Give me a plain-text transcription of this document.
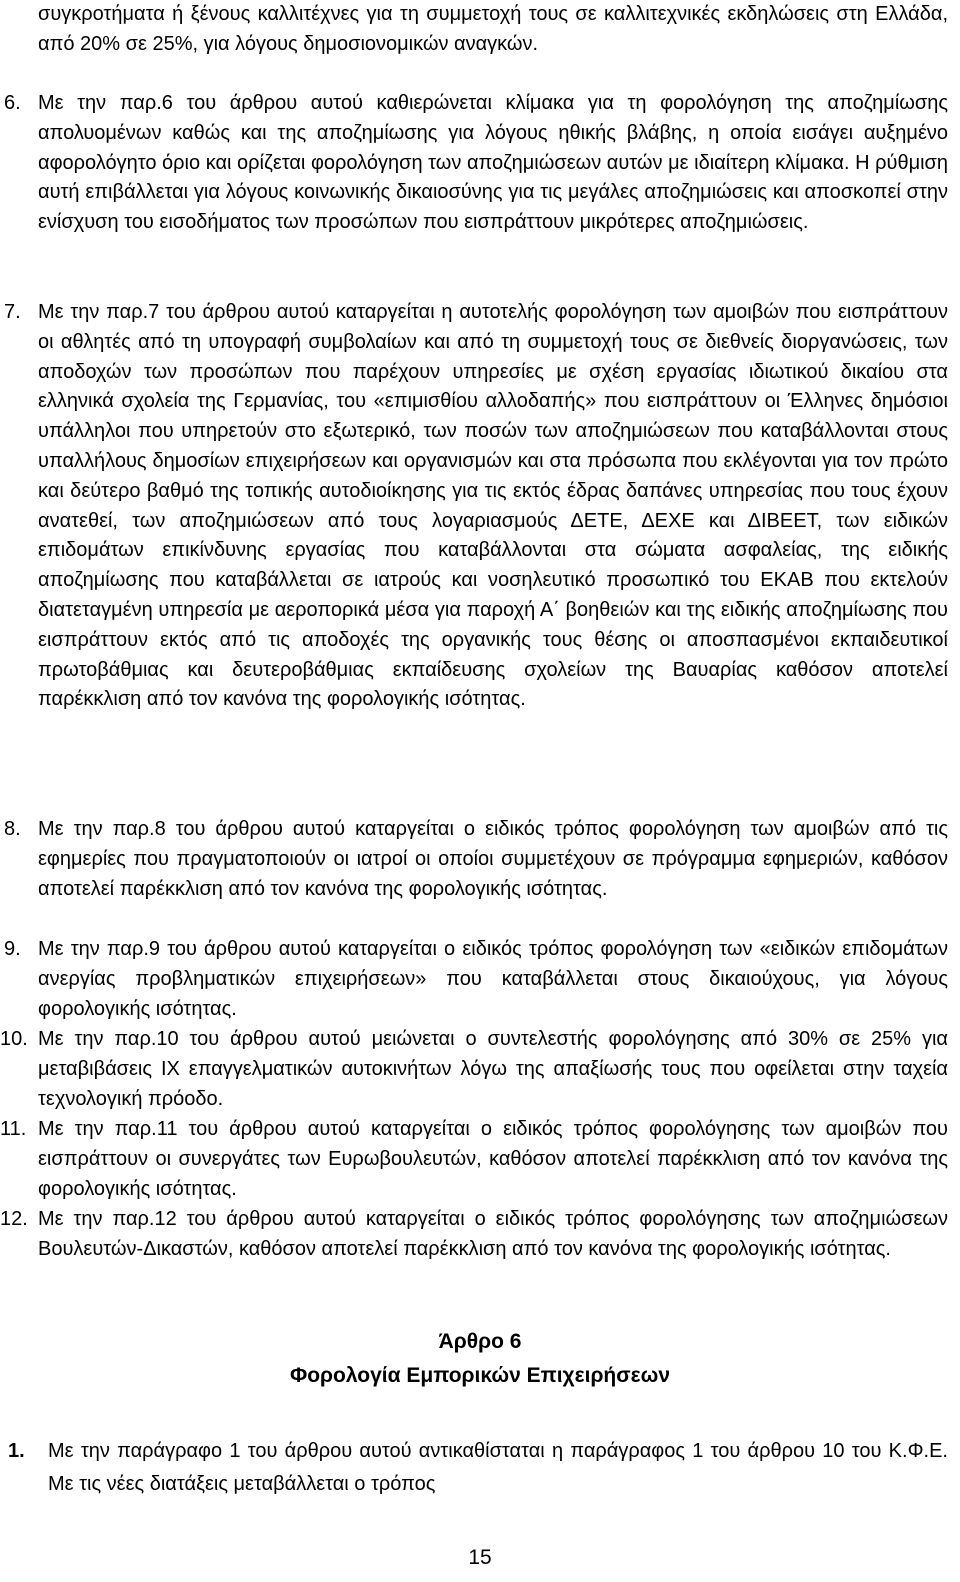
συγκροτήματα ή ξένους καλλιτέχνες για τη συμμετοχή τους σε καλλιτεχνικές εκδηλώσεις στη Ελλάδα, από 20% σε 25%, για λόγους δημοσιονομικών αναγκών.
6. Με την παρ.6 του άρθρου αυτού καθιερώνεται κλίμακα για τη φορολόγηση της αποζημίωσης απολυομένων καθώς και της αποζημίωσης για λόγους ηθικής βλάβης, η οποία εισάγει αυξημένο αφορολόγητο όριο και ορίζεται φορολόγηση των αποζημιώσεων αυτών με ιδιαίτερη κλίμακα. Η ρύθμιση αυτή επιβάλλεται για λόγους κοινωνικής δικαιοσύνης για τις μεγάλες αποζημιώσεις και αποσκοπεί στην ενίσχυση του εισοδήματος των προσώπων που εισπράττουν μικρότερες αποζημιώσεις.
7. Με την παρ.7 του άρθρου αυτού καταργείται η αυτοτελής φορολόγηση των αμοιβών που εισπράττουν οι αθλητές από τη υπογραφή συμβολαίων και από τη συμμετοχή τους σε διεθνείς διοργανώσεις, των αποδοχών των προσώπων που παρέχουν υπηρεσίες με σχέση εργασίας ιδιωτικού δικαίου στα ελληνικά σχολεία της Γερμανίας, του «επιμισθίου αλλοδαπής» που εισπράττουν οι Έλληνες δημόσιοι υπάλληλοι που υπηρετούν στο εξωτερικό, των ποσών των αποζημιώσεων που καταβάλλονται στους υπαλλήλους δημοσίων επιχειρήσεων και οργανισμών και στα πρόσωπα που εκλέγονται για τον πρώτο και δεύτερο βαθμό της τοπικής αυτοδιοίκησης για τις εκτός έδρας δαπάνες υπηρεσίας που τους έχουν ανατεθεί, των αποζημιώσεων από τους λογαριασμούς ΔΕΤΕ, ΔΕΧΕ και ΔΙΒΕΕΤ, των ειδικών επιδομάτων επικίνδυνης εργασίας που καταβάλλονται στα σώματα ασφαλείας, της ειδικής αποζημίωσης που καταβάλλεται σε ιατρούς και νοσηλευτικό προσωπικό του ΕΚΑΒ που εκτελούν διατεταγμένη υπηρεσία με αεροπορικά μέσα για παροχή Α΄ βοηθειών και της ειδικής αποζημίωσης που εισπράττουν εκτός από τις αποδοχές της οργανικής τους θέσης οι αποσπασμένοι εκπαιδευτικοί πρωτοβάθμιας και δευτεροβάθμιας εκπαίδευσης σχολείων της Βαυαρίας καθόσον αποτελεί παρέκκλιση από τον κανόνα της φορολογικής ισότητας.
8. Με την παρ.8 του άρθρου αυτού καταργείται ο ειδικός τρόπος φορολόγηση των αμοιβών από τις εφημερίες που πραγματοποιούν οι ιατροί οι οποίοι συμμετέχουν σε πρόγραμμα εφημεριών, καθόσον αποτελεί παρέκκλιση από τον κανόνα της φορολογικής ισότητας.
9. Με την παρ.9 του άρθρου αυτού καταργείται ο ειδικός τρόπος φορολόγηση των «ειδικών επιδομάτων ανεργίας προβληματικών επιχειρήσεων» που καταβάλλεται στους δικαιούχους, για λόγους φορολογικής ισότητας.
10. Με την παρ.10 του άρθρου αυτού μειώνεται ο συντελεστής φορολόγησης από 30% σε 25% για μεταβιβάσεις ΙΧ επαγγελματικών αυτοκινήτων λόγω της απαξίωσής τους που οφείλεται στην ταχεία τεχνολογική πρόοδο.
11. Με την παρ.11 του άρθρου αυτού καταργείται ο ειδικός τρόπος φορολόγησης των αμοιβών που εισπράττουν οι συνεργάτες των Ευρωβουλευτών, καθόσον αποτελεί παρέκκλιση από τον κανόνα της φορολογικής ισότητας.
12. Με την παρ.12 του άρθρου αυτού καταργείται ο ειδικός τρόπος φορολόγησης των αποζημιώσεων Βουλευτών-Δικαστών, καθόσον αποτελεί παρέκκλιση από τον κανόνα της φορολογικής ισότητας.
Άρθρο 6
Φορολογία Εμπορικών Επιχειρήσεων
1. Με την παράγραφο 1 του άρθρου αυτού αντικαθίσταται η παράγραφος 1 του άρθρου 10 του Κ.Φ.Ε. Με τις νέες διατάξεις μεταβάλλεται ο τρόπος
15
